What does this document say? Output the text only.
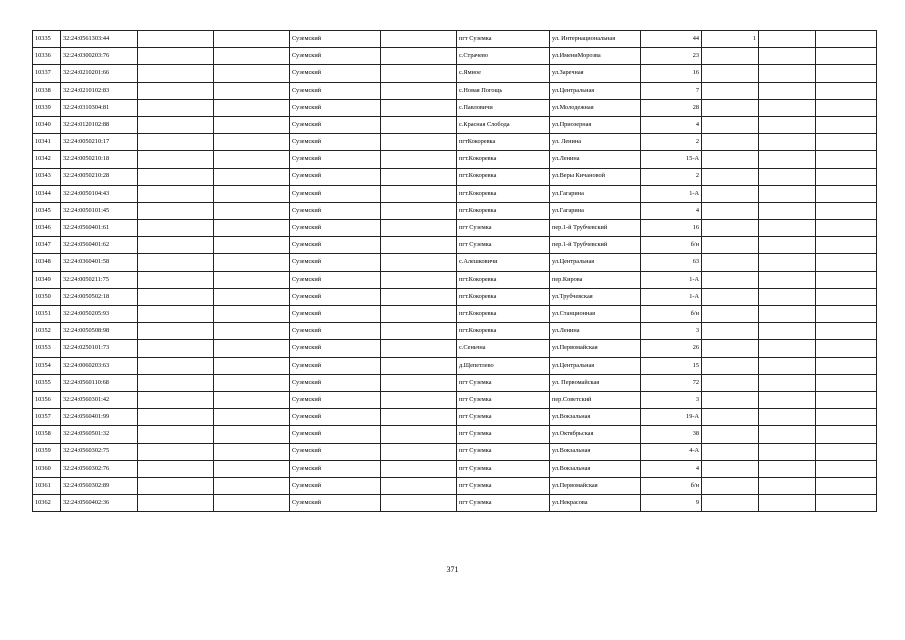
10335	32:24:0561303:44			Суземский		пгт Суземка	ул. Интернациональная	44	1		
10336	32:24:0300203:76			Суземский		с.Страчево	ул.ИмениМорозва	23			
10337	32:24:0210201:66			Суземский		с.Ямное	ул.Заречная	16			
10338	32:24:0210102:83			Суземский		с.Новая Погощь	ул.Центральная	7			
10339	32:24:0310304:81			Суземский		с.Павловичи	ул.Молодежная	28			
10340	32:24:0120102:88			Суземский		с.Красная Слобода	ул.Приозерная	4			
10341	32:24:0050210:17			Суземский		пгтКокоревка	ул. Ленина	2			
10342	32:24:0050210:18			Суземский		пгт.Кокоревка	ул.Ленина	15-А			
10343	32:24:0050210:28			Суземский		пгт.Кокоревка	ул.Веры Кичановой	2			
10344	32:24:0050104:43			Суземский		пгт.Кокоревка	ул.Гагарина	1-А			
10345	32:24:0050101:45			Суземский		пгт.Кокоревка	ул.Гагарина	4			
10346	32:24:0560401:61			Суземский		пгт Суземка	пер.1-й Трубчевский	16			
10347	32:24:0560401:62			Суземский		пгт Суземка	пер.1-й Трубчевский	б/н			
10348	32:24:0360401:58			Суземский		с.Алешковичи	ул.Центральная	63			
10349	32:24:0050211:75			Суземский		пгт.Кокоревка	пер.Кирова	1-А			
10350	32:24:0050502:18			Суземский		пгт.Кокоревка	ул.Трубчевская	1-А			
10351	32:24:0050205:93			Суземский		пгт.Кокоревка	ул.Станционная	б/н			
10352	32:24:0050508:98			Суземский		пгт.Кокоревка	ул.Ленина	3			
10353	32:24:0250101:73			Суземский		с.Сеньчна	ул.Первомайская	26			
10354	32:24:0060203:63			Суземский		д.Щепетлево	ул.Центральная	15			
10355	32:24:0560110:68			Суземский		пгт Суземка	ул. Первомайская	72			
10356	32:24:0560301:42			Суземский		пгт Суземка	пер.Советский	3			
10357	32:24:0560401:99			Суземский		пгт Суземка	ул.Вокзальная	19-А			
10358	32:24:0560501:32			Суземский		пгт Суземка	ул.Октябрьская	38			
10359	32:24:0560302:75			Суземский		пгт Суземка	ул.Вокзальная	4-А			
10360	32:24:0560302:76			Суземский		пгт Суземка	ул.Вокзальная	4			
10361	32:24:0560302:89			Суземский		пгт Суземка	ул.Первомайская	б/н			
10362	32:24:0560402:36			Суземский		пгт Суземка	ул.Некрасова	9			
371
